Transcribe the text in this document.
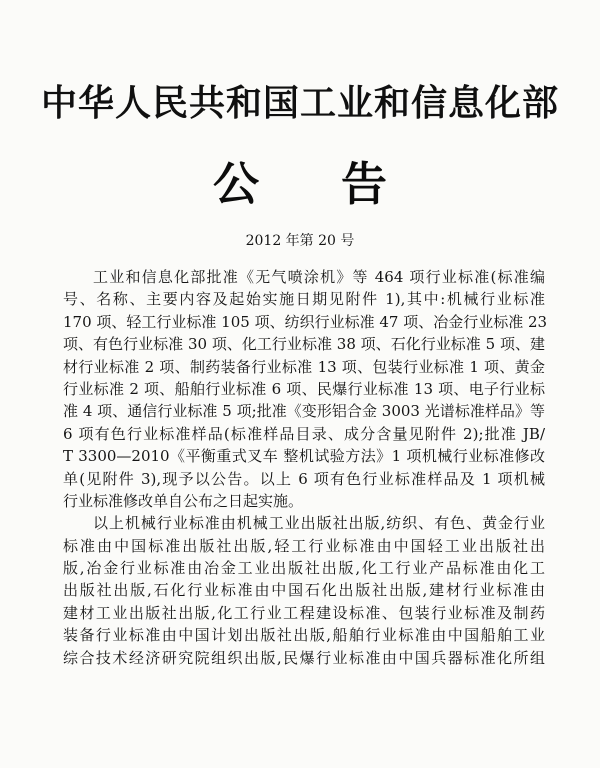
中华人民共和国工业和信息化部
公告
2012 年第 20 号
工业和信息化部批准《无气喷涂机》等 464 项行业标准(标准编
号、名称、主要内容及起始实施日期见附件 1),其中:机械行业标准
170 项、轻工行业标准 105 项、纺织行业标准 47 项、冶金行业标准 23
项、有色行业标准 30 项、化工行业标准 38 项、石化行业标准 5 项、建
材行业标准 2 项、制药装备行业标准 13 项、包装行业标准 1 项、黄金
行业标准 2 项、船舶行业标准 6 项、民爆行业标准 13 项、电子行业标
准 4 项、通信行业标准 5 项;批准《变形铝合金 3003 光谱标准样品》等
6 项有色行业标准样品(标准样品目录、成分含量见附件 2);批准 JB/
T 3300—2010《平衡重式叉车 整机试验方法》1 项机械行业标准修改
单(见附件 3),现予以公告。以上 6 项有色行业标准样品及 1 项机械
行业标准修改单自公布之日起实施。
以上机械行业标准由机械工业出版社出版,纺织、有色、黄金行业
标准由中国标准出版社出版,轻工行业标准由中国轻工业出版社出
版,冶金行业标准由冶金工业出版社出版,化工行业产品标准由化工
出版社出版,石化行业标准由中国石化出版社出版,建材行业标准由
建材工业出版社出版,化工行业工程建设标准、包装行业标准及制药
装备行业标准由中国计划出版社出版,船舶行业标准由中国船舶工业
综合技术经济研究院组织出版,民爆行业标准由中国兵器标准化所组
